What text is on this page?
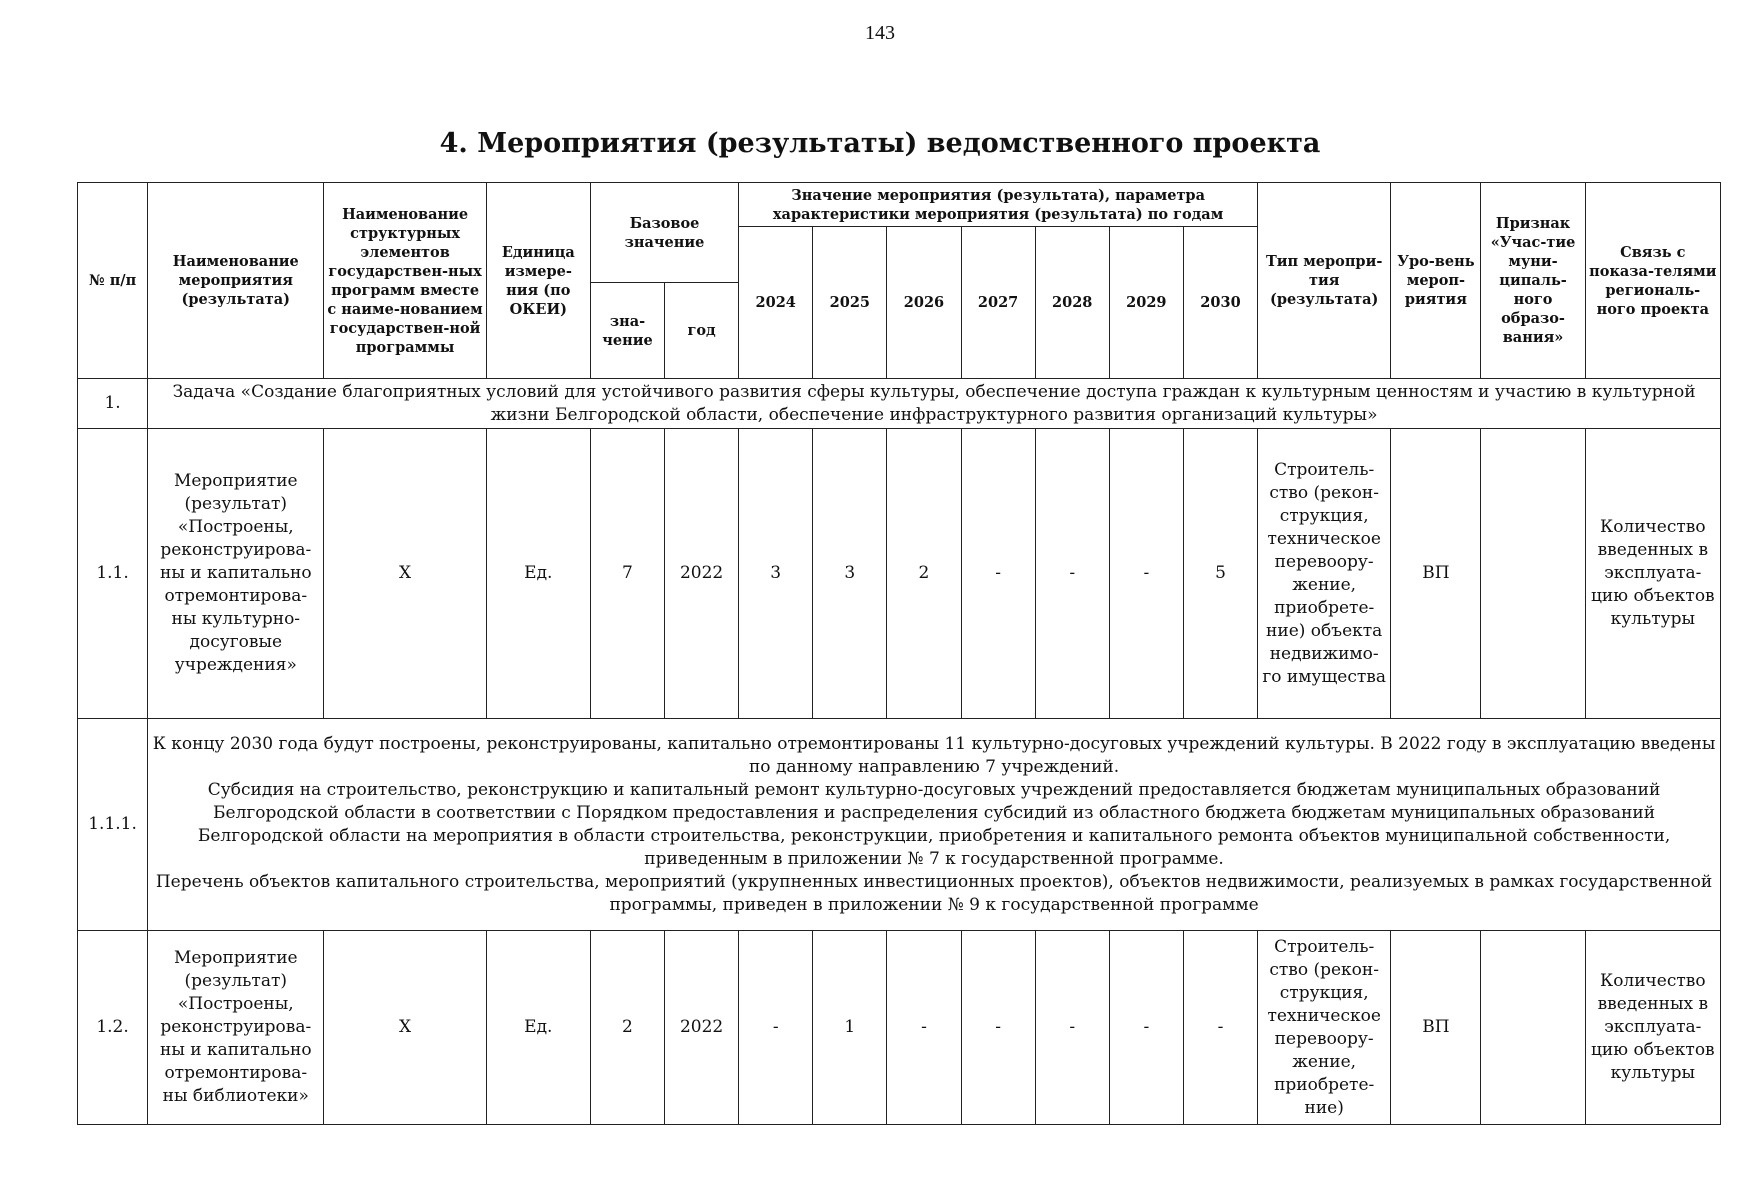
143
4. Мероприятия (результаты) ведомственного проекта
№ п/п	Наименование мероприятия (результата)	Наименование структурных элементов государствен-ных программ вместе с наиме-нованием государствен-ной программы	Единица измере-ния (по ОКЕИ)	Базовое значение		Значение мероприятия (результата), параметра характеристики мероприятия (результата) по годам							Тип меропри-тия (результата)	Уро-вень мероп-риятия	Признак «Учас-тие муни-ципаль-ного образо-вания»	Связь с показа-телями региональ-ного проекта
						2024	2025	2026	2027	2028	2029	2030				
				зна-чение	год											
1.	Задача «Создание благоприятных условий для устойчивого развития сферы культуры, обеспечение доступа граждан к культурным ценностям и участию в культурной жизни Белгородской области, обеспечение инфраструктурного развития организаций культуры»															
1.1.	Мероприятие (результат) «Построены, реконструирова-ны и капитально отремонтирова-ны культурно-досуговые учреждения»	Х	Ед.	7	2022	3	3	2	-	-	-	5	Строитель-ство (рекон-струкция, техническое перевоору-жение, приобрете-ние) объекта недвижимо-го имущества	ВП		Количество введенных в эксплуата-цию объектов культуры
1.1.1.	К концу 2030 года будут построены, реконструированы, капитально отремонтированы 11 культурно-досуговых учреждений культуры. В 2022 году в эксплуатацию введены по данному направлению 7 учреждений.

Субсидия на строительство, реконструкцию и капитальный ремонт культурно-досуговых учреждений предоставляется бюджетам муниципальных образований Белгородской области в соответствии с Порядком предоставления и распределения субсидий из областного бюджета бюджетам муниципальных образований Белгородской области на мероприятия в области строительства, реконструкции, приобретения и капитального ремонта объектов муниципальной собственности, приведенным в приложении № 7 к государственной программе.

Перечень объектов капитального строительства, мероприятий (укрупненных инвестиционных проектов), объектов недвижимости, реализуемых в рамках государственной программы, приведен в приложении № 9 к государственной программе															

1.2.	Мероприятие (результат) «Построены, реконструирова-ны и капитально отремонтирова-ны библиотеки»	Х	Ед.	2	2022	-	1	-	-	-	-	-	Строитель-ство (рекон-струкция, техническое перевоору-жение, приобрете-ние)	ВП		Количество введенных в эксплуата-цию объектов культуры
